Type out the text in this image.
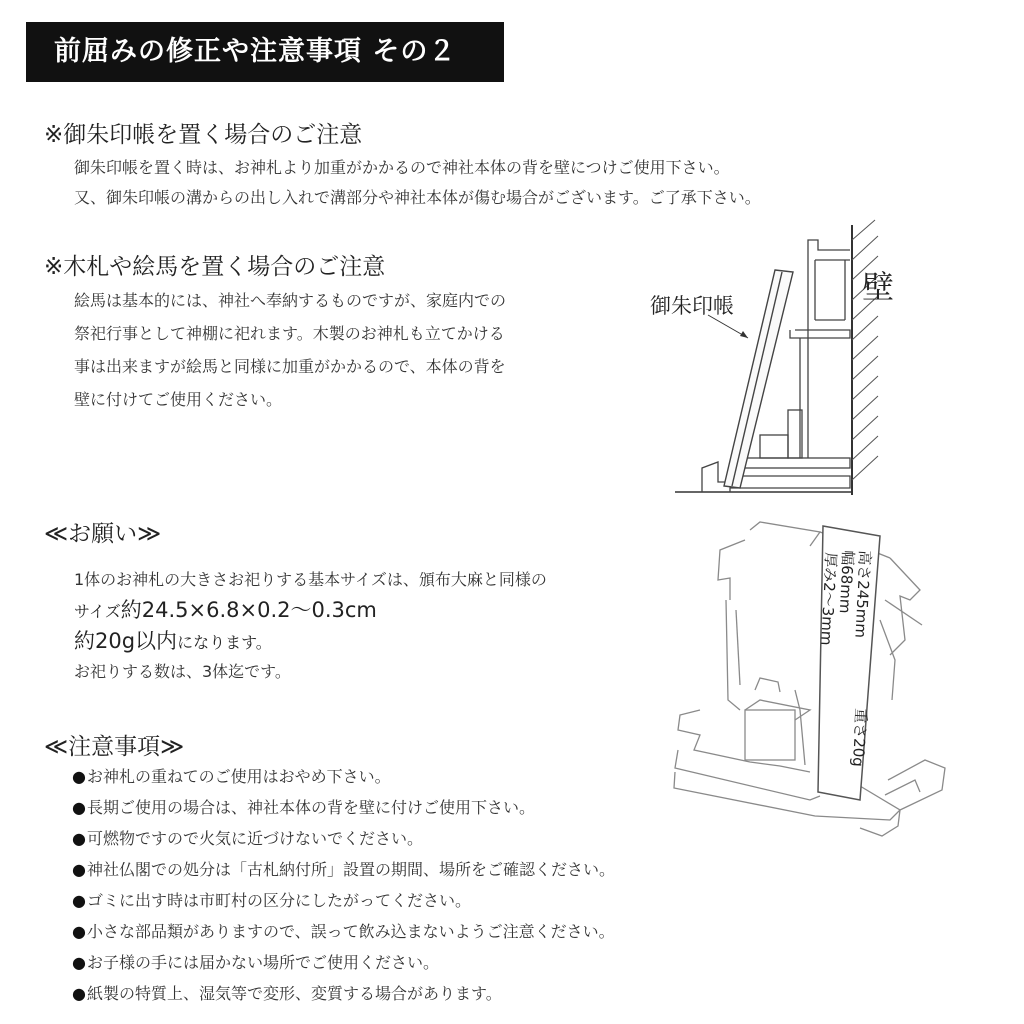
前屈みの修正や注意事項 その２
※御朱印帳を置く場合のご注意
御朱印帳を置く時は、お神札より加重がかかるので神社本体の背を壁につけご使用下さい。
又、御朱印帳の溝からの出し入れで溝部分や神社本体が傷む場合がございます。ご了承下さい。
※木札や絵馬を置く場合のご注意
絵馬は基本的には、神社へ奉納するものですが、家庭内での
祭祀行事として神棚に祀れます。木製のお神札も立てかける
事は出来ますが絵馬と同様に加重がかかるので、本体の背を
壁に付けてご使用ください。
御朱印帳	壁
≪お願い≫
1体のお神札の大きさお祀りする基本サイズは、頒布大麻と同様の
サイズ約24.5×6.8×0.2〜0.3cm
約20g以内になります。
お祀りする数は、3体迄です。
高さ245mm
幅68mm
厚み2〜3mm
重さ20g
≪注意事項≫
●お神札の重ねてのご使用はおやめ下さい。
●長期ご使用の場合は、神社本体の背を壁に付けご使用下さい。
●可燃物ですので火気に近づけないでください。
●神社仏閣での処分は「古札納付所」設置の期間、場所をご確認ください。
●ゴミに出す時は市町村の区分にしたがってください。
●小さな部品類がありますので、誤って飲み込まないようご注意ください。
●お子様の手には届かない場所でご使用ください。
●紙製の特質上、湿気等で変形、変質する場合があります。
